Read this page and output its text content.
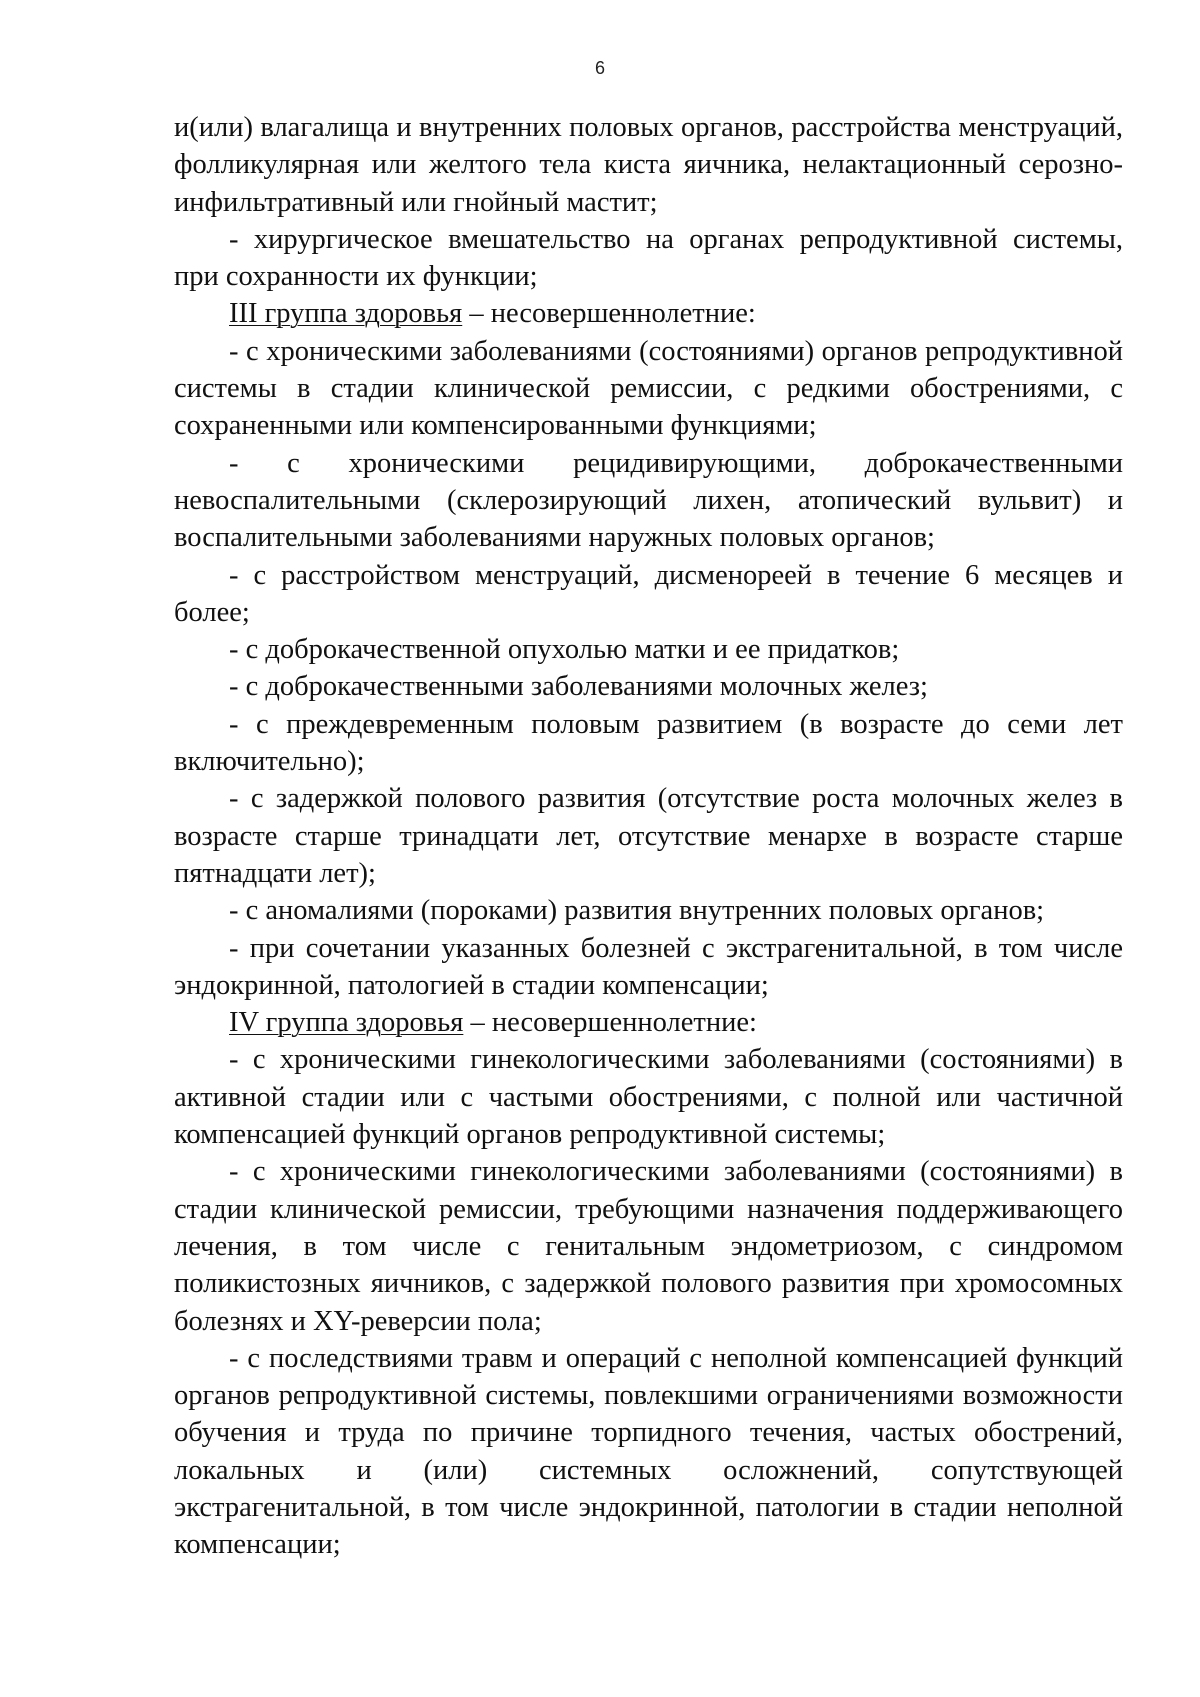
6

и(или) влагалища и внутренних половых органов, расстройства менструаций, фолликулярная или желтого тела киста яичника, нелактационный серозно-инфильтративный или гнойный мастит;

- хирургическое вмешательство на органах репродуктивной системы, при сохранности их функции;

III группа здоровья – несовершеннолетние:

- с хроническими заболеваниями (состояниями) органов репродуктивной системы в стадии клинической ремиссии, с редкими обострениями, с сохраненными или компенсированными функциями;

- с хроническими рецидивирующими, доброкачественными невоспалительными (склерозирующий лихен, атопический вульвит) и воспалительными заболеваниями наружных половых органов;

- с расстройством менструаций, дисменореей в течение 6 месяцев и более;

- с доброкачественной опухолью матки и ее придатков;

- с доброкачественными заболеваниями молочных желез;

- с преждевременным половым развитием (в возрасте до семи лет включительно);

- с задержкой полового развития (отсутствие роста молочных желез в возрасте старше тринадцати лет, отсутствие менархе в возрасте старше пятнадцати лет);

- с аномалиями (пороками) развития внутренних половых органов;

- при сочетании указанных болезней с экстрагенитальной, в том числе эндокринной, патологией в стадии компенсации;

IV группа здоровья – несовершеннолетние:

- с хроническими гинекологическими заболеваниями (состояниями) в активной стадии или с частыми обострениями, с полной или частичной компенсацией функций органов репродуктивной системы;

- с хроническими гинекологическими заболеваниями (состояниями) в стадии клинической ремиссии, требующими назначения поддерживающего лечения, в том числе с генитальным эндометриозом, с синдромом поликистозных яичников, с задержкой полового развития при хромосомных болезнях и XY-реверсии пола;

- с последствиями травм и операций с неполной компенсацией функций органов репродуктивной системы, повлекшими ограничениями возможности обучения и труда по причине торпидного течения, частых обострений, локальных и (или) системных осложнений, сопутствующей экстрагенитальной, в том числе эндокринной, патологии в стадии неполной компенсации;
